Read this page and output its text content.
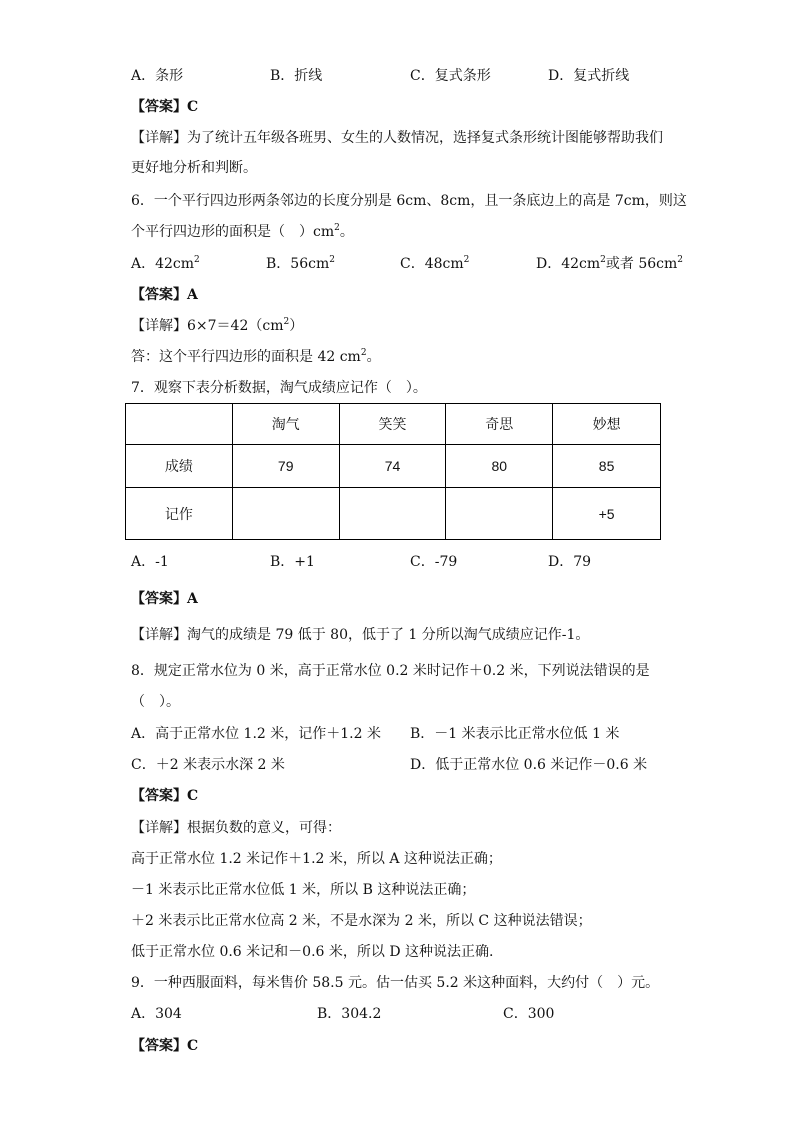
A．条形	B．折线	C．复式条形	D．复式折线
【答案】C
【详解】为了统计五年级各班男、女生的人数情况，选择复式条形统计图能够帮助我们
更好地分析和判断。
6．一个平行四边形两条邻边的长度分别是 6cm、8cm，且一条底边上的高是 7cm，则这
个平行四边形的面积是（　）$cm^2$。
A．$42cm^2$	B．$56cm^2$	C．$48cm^2$	D．$42cm^2$或者 $56cm^2$
【答案】A
【详解】$6\times 7=42(cm^2)$
答：这个平行四边形的面积是 42 $cm^2$。
7．观察下表分析数据，淘气成绩应记作（　）。
	淘气	笑笑	奇思	妙想
成绩	79	74	80	85
记作				+5
A．-1	B．+1	C．-79	D．79
【答案】A
【详解】淘气的成绩是 79 低于 80，低于了 1 分所以淘气成绩应记作-1。
8．规定正常水位为 0 米，高于正常水位 0.2 米时记作＋0.2 米，下列说法错误的是
（　）。
A．高于正常水位 1.2 米，记作＋1.2 米 B．－1 米表示比正常水位低 1 米
C．＋2 米表示水深 2 米	D．低于正常水位 0.6 米记作－0.6 米
【答案】C
【详解】根据负数的意义，可得：
高于正常水位 1.2 米记作＋1.2 米，所以 A 这种说法正确；
－1 米表示比正常水位低 1 米，所以 B 这种说法正确；
＋2 米表示比正常水位高 2 米，不是水深为 2 米，所以 C 这种说法错误；
低于正常水位 0.6 米记和－0.6 米，所以 D 这种说法正确.
9．一种西服面料，每米售价 58.5 元。估一估买 5.2 米这种面料，大约付（　）元。
A．304	B．304.2	C．300
【答案】C
